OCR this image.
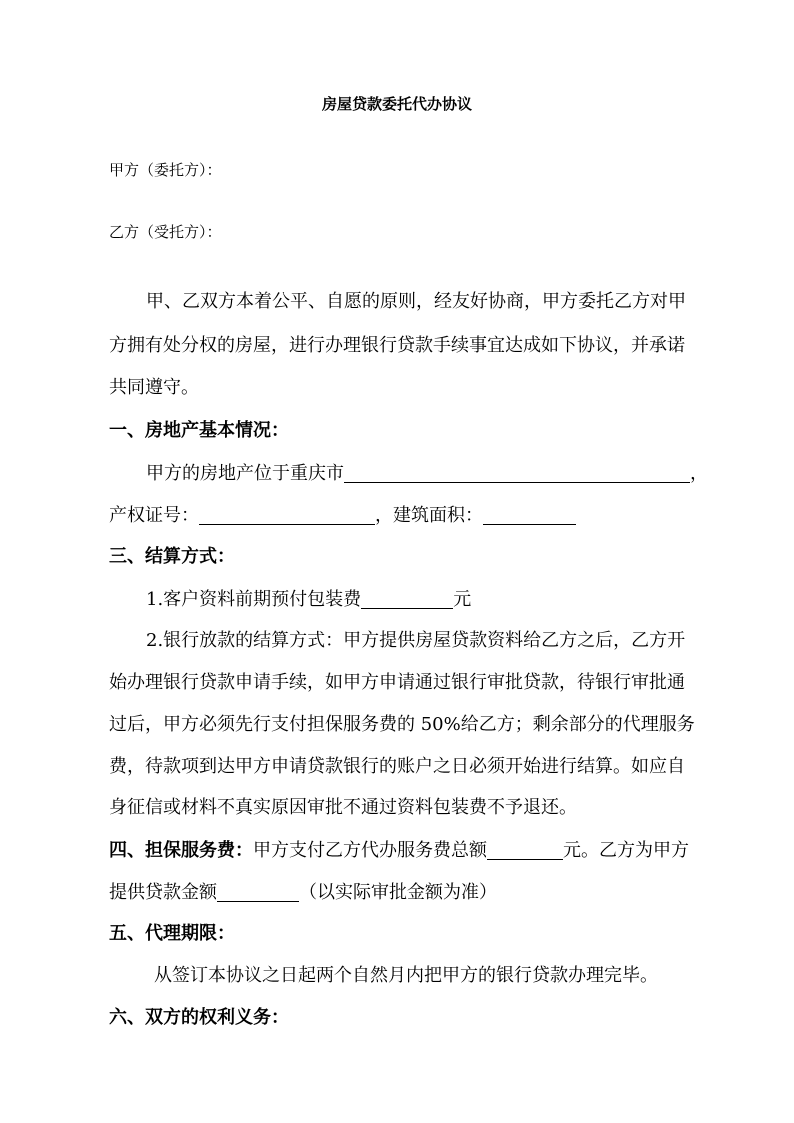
房屋贷款委托代办协议
甲方（委托方）：
乙方（受托方）：
甲、乙双方本着公平、自愿的原则，经友好协商，甲方委托乙方对甲
方拥有处分权的房屋，进行办理银行贷款手续事宜达成如下协议，并承诺
共同遵守。
一、房地产基本情况：
甲方的房地产位于重庆市	，
产权证号：	，建筑面积：
三、结算方式：
1.客户资料前期预付包装费	元
2.银行放款的结算方式：甲方提供房屋贷款资料给乙方之后，乙方开
始办理银行贷款申请手续，如甲方申请通过银行审批贷款，待银行审批通
过后，甲方必须先行支付担保服务费的 50%给乙方；剩余部分的代理服务
费，待款项到达甲方申请贷款银行的账户之日必须开始进行结算。如应自
身征信或材料不真实原因审批不通过资料包装费不予退还。
四、担保服务费：甲方支付乙方代办服务费总额	元。乙方为甲方
提供贷款金额	（以实际审批金额为准）
五、代理期限：
从签订本协议之日起两个自然月内把甲方的银行贷款办理完毕。
六、双方的权利义务：
